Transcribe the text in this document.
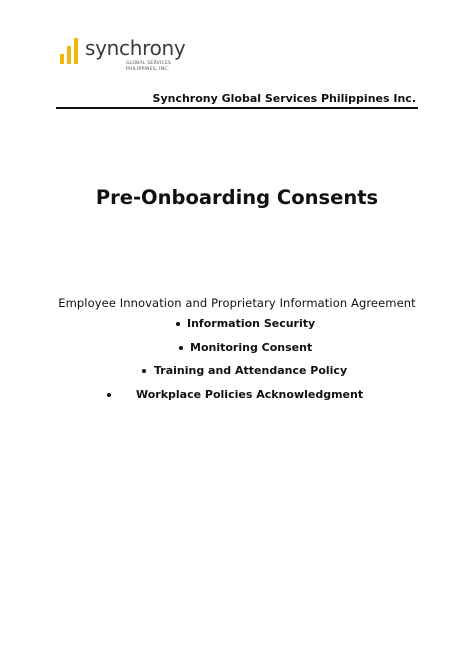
synchrony
GLOBAL SERVICES
PHILIPPINES, INC.
Synchrony Global Services Philippines Inc.
Pre-Onboarding Consents
Employee Innovation and Proprietary Information Agreement
Information Security
Monitoring Consent
Training and Attendance Policy
Workplace Policies Acknowledgment
